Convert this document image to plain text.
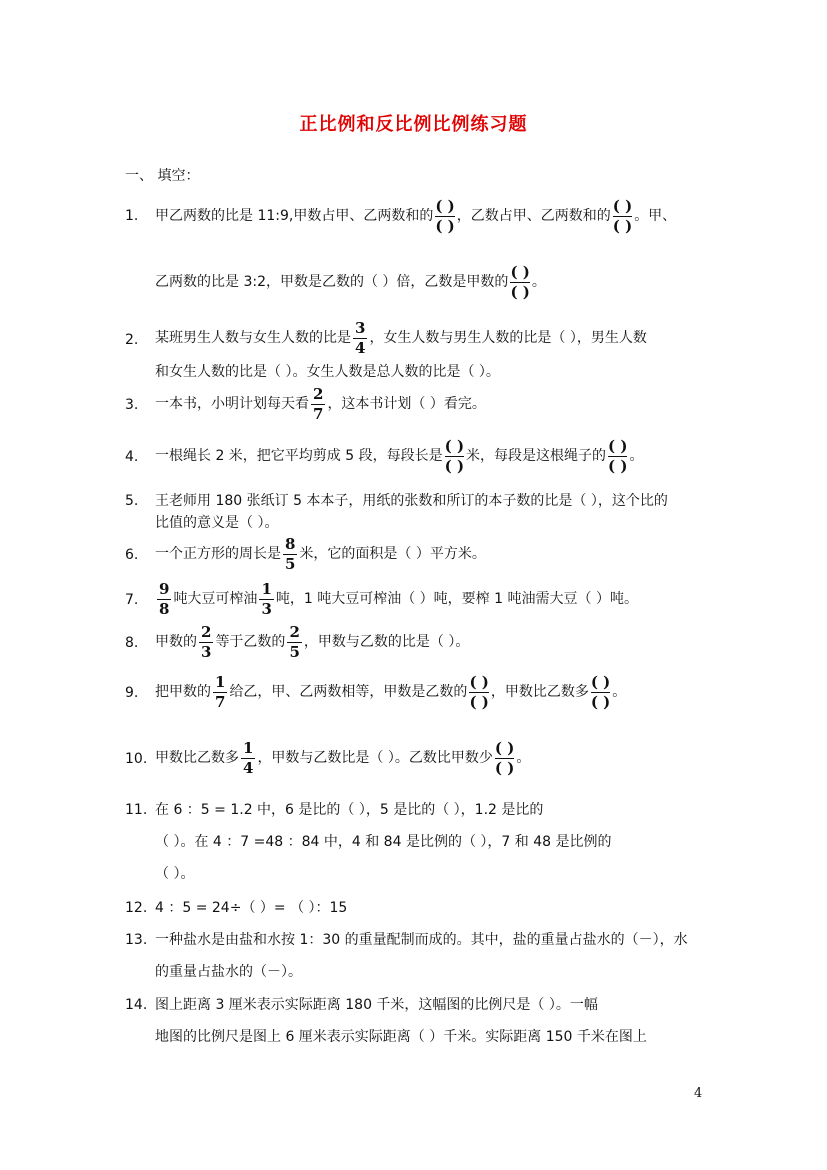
正比例和反比例比例练习题
一、 填空：
1. 甲乙两数的比是 11:9,甲数占甲、乙两数和的 $\frac{( )}{( )}$ ，乙数占甲、乙两数和的 $\frac{( )}{( )}$ 。甲、
乙两数的比是 3:2，甲数是乙数的（ ）倍，乙数是甲数的 $\frac{( )}{( )}$ 。
2. 某班男生人数与女生人数的比是 $\frac{3}{4}$ ，女生人数与男生人数的比是（ ），男生人数
和女生人数的比是（ ）。女生人数是总人数的比是（ ）。
3. 一本书，小明计划每天看 $\frac{2}{7}$ ，这本书计划（ ）看完。
4. 一根绳长 2 米，把它平均剪成 5 段，每段长是 $\frac{( )}{( )}$ 米，每段是这根绳子的 $\frac{( )}{( )}$ 。
5. 王老师用 180 张纸订 5 本本子，用纸的张数和所订的本子数的比是（ ），这个比的
比值的意义是（ ）。
6. 一个正方形的周长是 $\frac{8}{5}$ 米，它的面积是（ ）平方米。
7. $\frac{9}{8}$ 吨大豆可榨油 $\frac{1}{3}$ 吨，1 吨大豆可榨油（ ）吨，要榨 1 吨油需大豆（ ）吨。
8. 甲数的 $\frac{2}{3}$ 等于乙数的 $\frac{2}{5}$ ，甲数与乙数的比是（ ）。
9. 把甲数的 $\frac{1}{7}$ 给乙，甲、乙两数相等，甲数是乙数的 $\frac{( )}{( )}$ ，甲数比乙数多 $\frac{( )}{( )}$ 。
10. 甲数比乙数多 $\frac{1}{4}$ ，甲数与乙数比是（ ）。乙数比甲数少 $\frac{( )}{( )}$ 。
11. 在 6 ：5 = 1.2 中，6 是比的（ ），5 是比的（ ），1.2 是比的
（ ）。在 4 ：7 =48 ：84 中，4 和 84 是比例的（ ），7 和 48 是比例的
（ ）。
12. 4 ：5 = 24÷（ ）= （ ）：15
13. 一种盐水是由盐和水按 1：30 的重量配制而成的。其中，盐的重量占盐水的（－），水
的重量占盐水的（－）。
14. 图上距离 3 厘米表示实际距离 180 千米，这幅图的比例尺是（ ）。一幅
地图的比例尺是图上 6 厘米表示实际距离（ ）千米。实际距离 150 千米在图上
4
